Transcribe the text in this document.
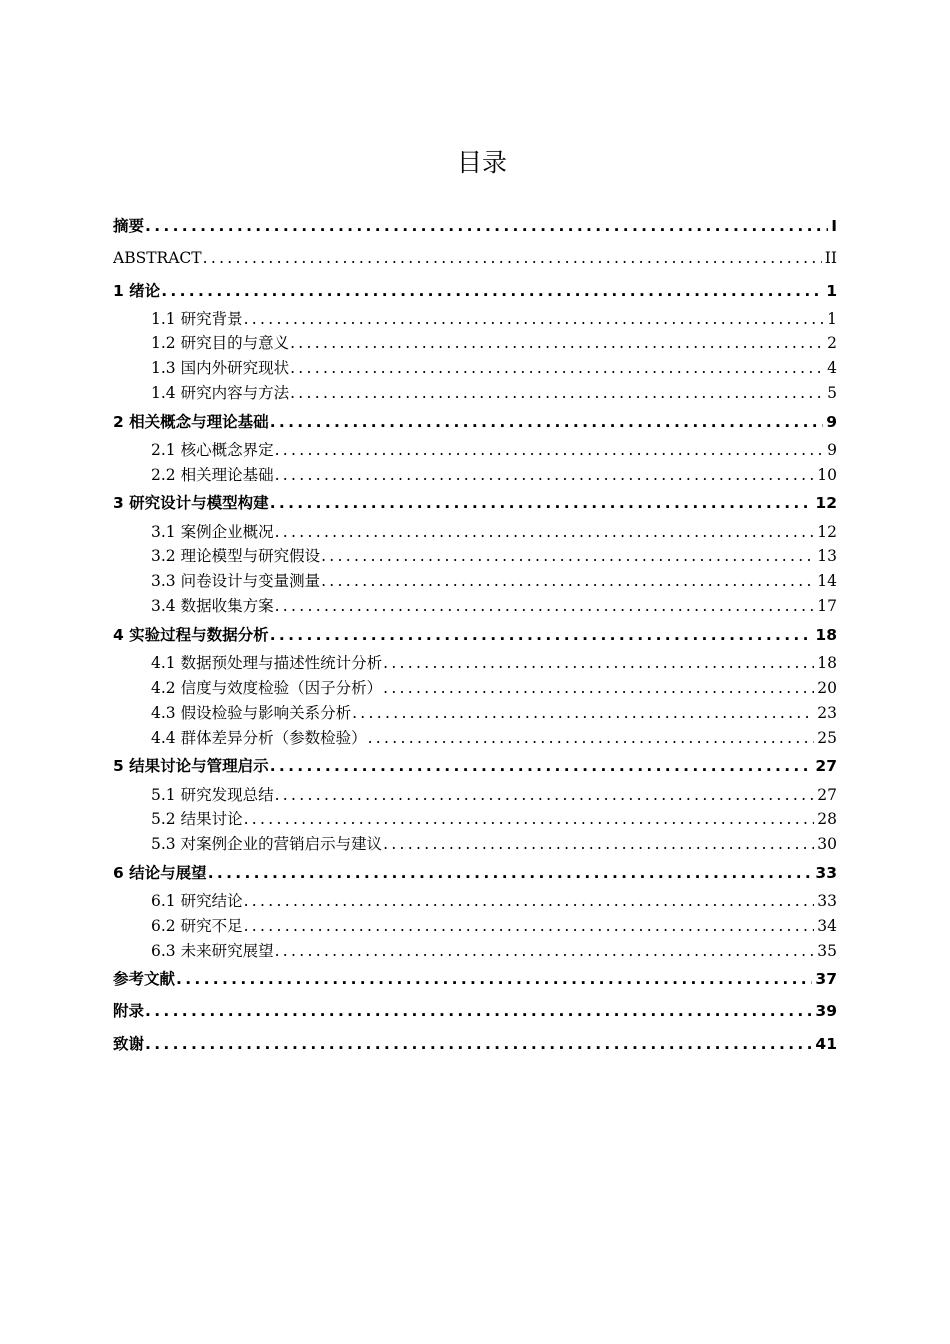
目录
摘要 .....	I
ABSTRACT .....	II
1 绪论 .....	1
1.1 研究背景 .....	1
1.2 研究目的与意义 .....	2
1.3 国内外研究现状 .....	4
1.4 研究内容与方法 .....	5
2 相关概念与理论基础 .....	9
2.1 核心概念界定 .....	9
2.2 相关理论基础 .....	10
3 研究设计与模型构建 .....	12
3.1 案例企业概况 .....	12
3.2 理论模型与研究假设 .....	13
3.3 问卷设计与变量测量 .....	14
3.4 数据收集方案 .....	17
4 实验过程与数据分析 .....	18
4.1 数据预处理与描述性统计分析 .....	18
4.2 信度与效度检验（因子分析） .....	20
4.3 假设检验与影响关系分析 .....	23
4.4 群体差异分析（参数检验） .....	25
5 结果讨论与管理启示 .....	27
5.1 研究发现总结 .....	27
5.2 结果讨论 .....	28
5.3 对案例企业的营销启示与建议 .....	30
6 结论与展望 .....	33
6.1 研究结论 .....	33
6.2 研究不足 .....	34
6.3 未来研究展望 .....	35
参考文献 .....	37
附录 .....	39
致谢 .....	41
